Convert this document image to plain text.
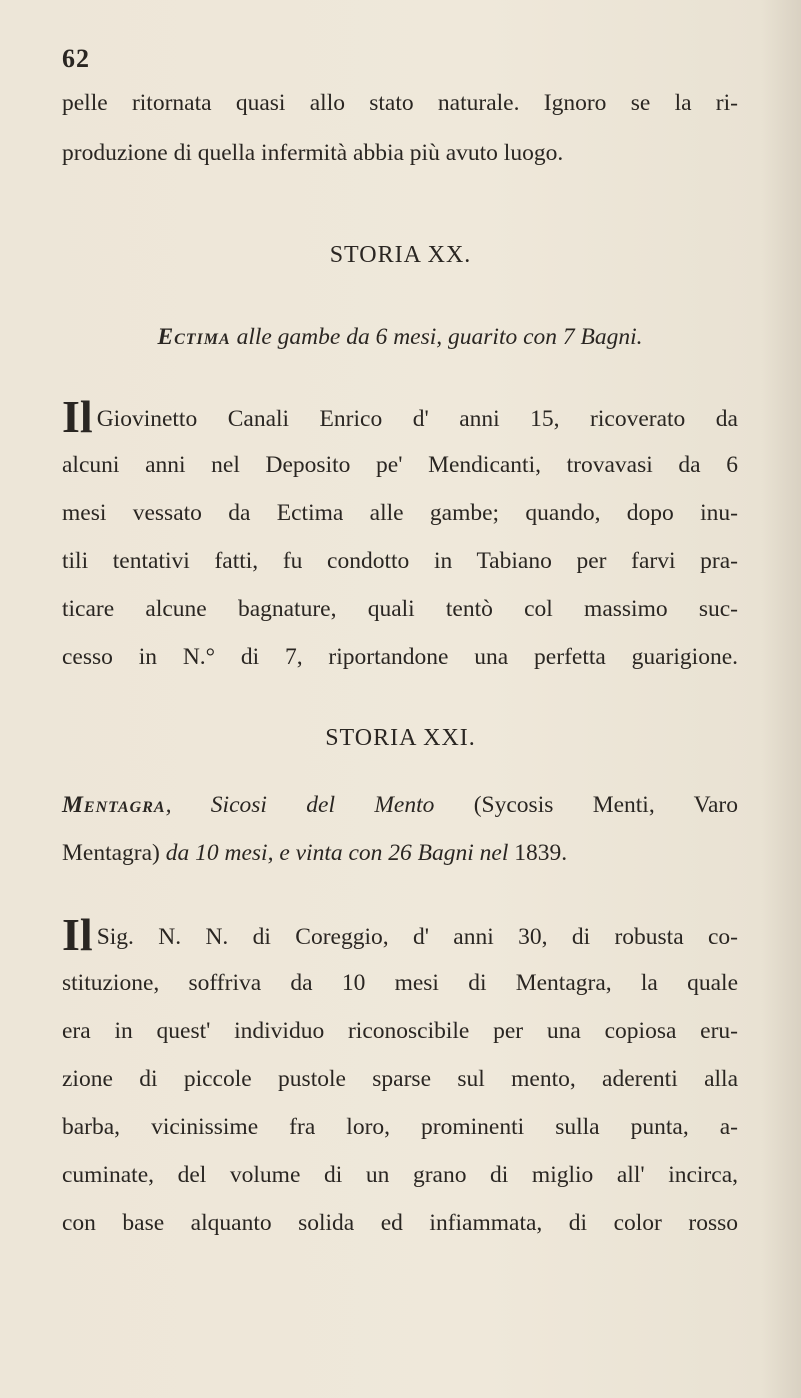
62
pelle ritornata quasi allo stato naturale. Ignoro se la ri-
produzione di quella infermità abbia più avuto luogo.
STORIA XX.
Ectima alle gambe da 6 mesi, guarito con 7 Bagni.
Il Giovinetto Canali Enrico d' anni 15, ricoverato da
alcuni anni nel Deposito pe' Mendicanti, trovavasi da 6
mesi vessato da Ectima alle gambe; quando, dopo inu-
tili tentativi fatti, fu condotto in Tabiano per farvi pra-
ticare alcune bagnature, quali tentò col massimo suc-
cesso in N.° di 7, riportandone una perfetta guarigione.
STORIA XXI.
Mentagra, Sicosi del Mento (Sycosis Menti, Varo
Mentagra) da 10 mesi, e vinta con 26 Bagni nel 1839.
Il Sig. N. N. di Coreggio, d' anni 30, di robusta co-
stituzione, soffriva da 10 mesi di Mentagra, la quale
era in quest' individuo riconoscibile per una copiosa eru-
zione di piccole pustole sparse sul mento, aderenti alla
barba, vicinissime fra loro, prominenti sulla punta, a-
cuminate, del volume di un grano di miglio all' incirca,
con base alquanto solida ed infiammata, di color rosso
